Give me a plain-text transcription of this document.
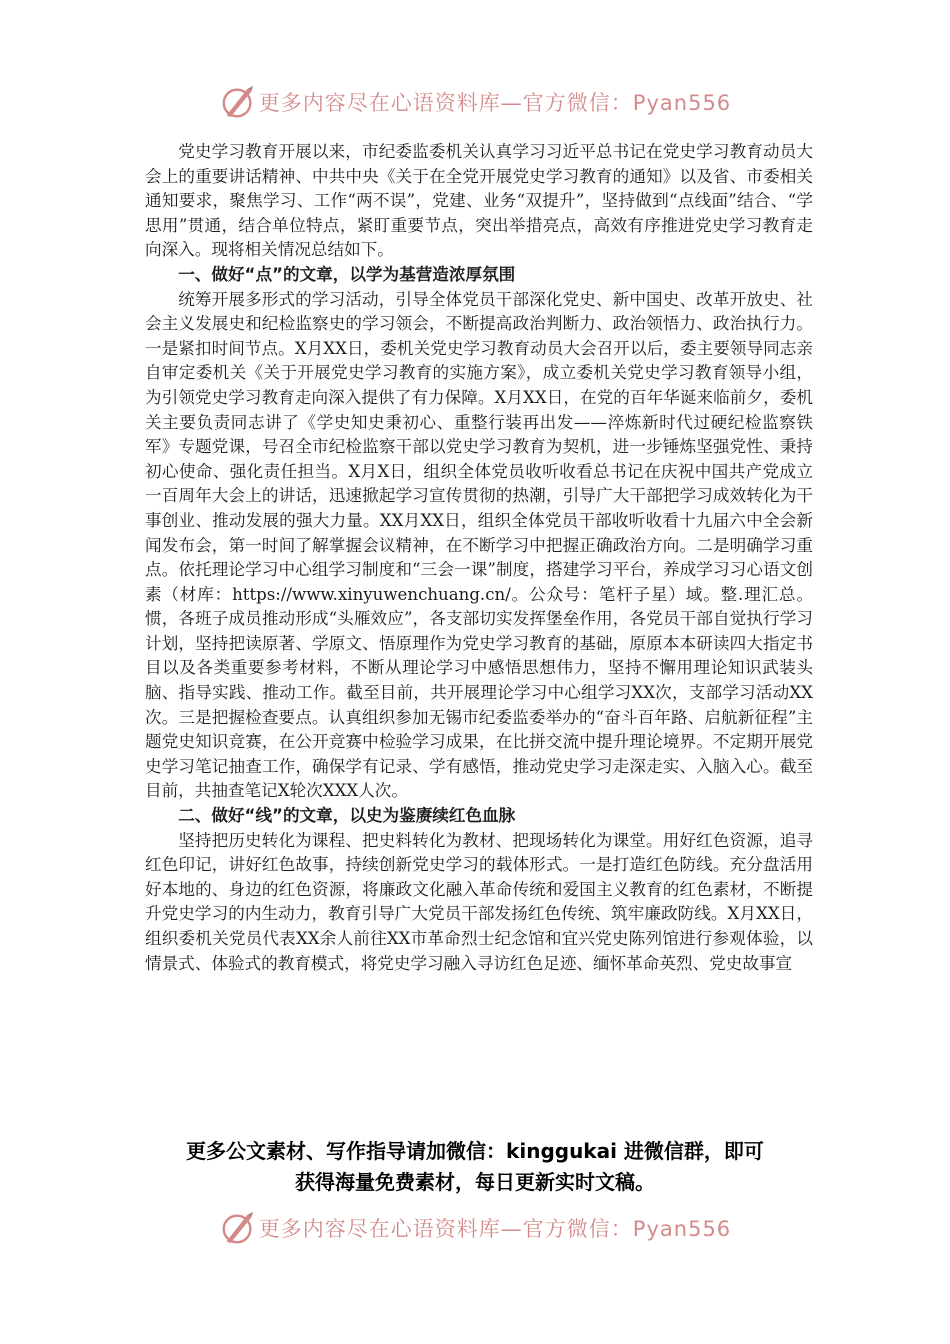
更多内容尽在心语资料库—官方微信：Pyan556

党史学习教育开展以来，市纪委监委机关认真学习习近平总书记在党史学习教育动员大会上的重要讲话精神、中共中央《关于在全党开展党史学习教育的通知》以及省、市委相关通知要求，聚焦学习、工作“两不误”，党建、业务“双提升”，坚持做到“点线面”结合、“学思用”贯通，结合单位特点，紧盯重要节点，突出举措亮点，高效有序推进党史学习教育走向深入。现将相关情况总结如下。

一、做好“点”的文章，以学为基营造浓厚氛围

统筹开展多形式的学习活动，引导全体党员干部深化党史、新中国史、改革开放史、社会主义发展史和纪检监察史的学习领会，不断提高政治判断力、政治领悟力、政治执行力。一是紧扣时间节点。X月XX日，委机关党史学习教育动员大会召开以后，委主要领导同志亲自审定委机关《关于开展党史学习教育的实施方案》，成立委机关党史学习教育领导小组，为引领党史学习教育走向深入提供了有力保障。X月XX日，在党的百年华诞来临前夕，委机关主要负责同志讲了《学史知史秉初心、重整行装再出发——淬炼新时代过硬纪检监察铁军》专题党课，号召全市纪检监察干部以党史学习教育为契机，进一步锤炼坚强党性、秉持初心使命、强化责任担当。X月X日，组织全体党员收听收看总书记在庆祝中国共产党成立一百周年大会上的讲话，迅速掀起学习宣传贯彻的热潮，引导广大干部把学习成效转化为干事创业、推动发展的强大力量。XX月XX日，组织全体党员干部收听收看十九届六中全会新闻发布会，第一时间了解掌握会议精神，在不断学习中把握正确政治方向。二是明确学习重点。依托理论学习中心组学习制度和“三会一课”制度，搭建学习平台，养成学习习心语文创素（材库：https://www.xinyuwenchuang.cn/。公众号：笔杆子星）域。整.理汇总。惯，各班子成员推动形成“头雁效应”，各支部切实发挥堡垒作用，各党员干部自觉执行学习计划，坚持把读原著、学原文、悟原理作为党史学习教育的基础，原原本本研读四大指定书目以及各类重要参考材料，不断从理论学习中感悟思想伟力，坚持不懈用理论知识武装头脑、指导实践、推动工作。截至目前，共开展理论学习中心组学习XX次，支部学习活动XX次。三是把握检查要点。认真组织参加无锡市纪委监委举办的“奋斗百年路、启航新征程”主题党史知识竞赛，在公开竞赛中检验学习成果，在比拼交流中提升理论境界。不定期开展党史学习笔记抽查工作，确保学有记录、学有感悟，推动党史学习走深走实、入脑入心。截至目前，共抽查笔记X轮次XXX人次。

二、做好“线”的文章，以史为鉴赓续红色血脉

坚持把历史转化为课程、把史料转化为教材、把现场转化为课堂。用好红色资源，追寻红色印记，讲好红色故事，持续创新党史学习的载体形式。一是打造红色防线。充分盘活用好本地的、身边的红色资源，将廉政文化融入革命传统和爱国主义教育的红色素材，不断提升党史学习的内生动力，教育引导广大党员干部发扬红色传统、筑牢廉政防线。X月XX日，组织委机关党员代表XX余人前往XX市革命烈士纪念馆和宜兴党史陈列馆进行参观体验，以情景式、体验式的教育模式，将党史学习融入寻访红色足迹、缅怀革命英烈、党史故事宣

更多公文素材、写作指导请加微信：kinggukai 进微信群，即可
获得海量免费素材，每日更新实时文稿。
更多内容尽在心语资料库—官方微信：Pyan556
